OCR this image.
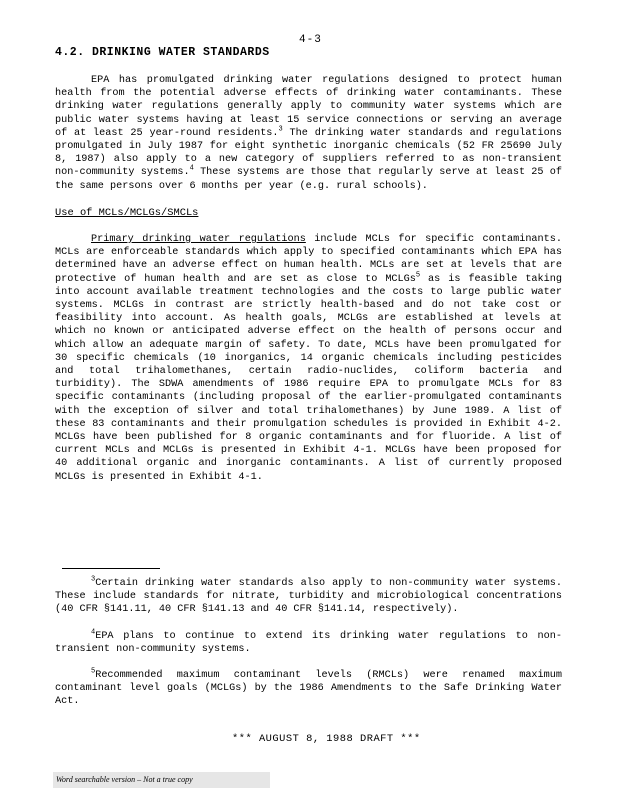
4-3
4.2. DRINKING WATER STANDARDS

EPA has promulgated drinking water regulations designed to protect human health from the potential adverse effects of drinking water contaminants. These drinking water regulations generally apply to community water systems which are public water systems having at least 15 service connections or serving an average of at least 25 year-round residents.$^3$ The drinking water standards and regulations promulgated in July 1987 for eight synthetic inorganic chemicals (52 FR 25690 July 8, 1987) also apply to a new category of suppliers referred to as non-transient non-community systems.$^4$ These systems are those that regularly serve at least 25 of the same persons over 6 months per year (e.g. rural schools).

Use of MCLs/MCLGs/SMCLs

Primary drinking water regulations include MCLs for specific contaminants. MCLs are enforceable standards which apply to specified contaminants which EPA has determined have an adverse effect on human health. MCLs are set at levels that are protective of human health and are set as close to MCLGs$^5$ as is feasible taking into account available treatment technologies and the costs to large public water systems. MCLGs in contrast are strictly health-based and do not take cost or feasibility into account. As health goals, MCLGs are established at levels at which no known or anticipated adverse effect on the health of persons occur and which allow an adequate margin of safety. To date, MCLs have been promulgated for 30 specific chemicals (10 inorganics, 14 organic chemicals including pesticides and total trihalomethanes, certain radio-nuclides, coliform bacteria and turbidity). The SDWA amendments of 1986 require EPA to promulgate MCLs for 83 specific contaminants (including proposal of the earlier-promulgated contaminants with the exception of silver and total trihalomethanes) by June 1989. A list of these 83 contaminants and their promulgation schedules is provided in Exhibit 4-2. MCLGs have been published for 8 organic contaminants and for fluoride. A list of current MCLs and MCLGs is presented in Exhibit 4-1. MCLGs have been proposed for 40 additional organic and inorganic contaminants. A list of currently proposed MCLGs is presented in Exhibit 4-1.

$^3$Certain drinking water standards also apply to non-community water systems. These include standards for nitrate, turbidity and microbiological concentrations (40 CFR §141.11, 40 CFR §141.13 and 40 CFR §141.14, respectively).

$^4$EPA plans to continue to extend its drinking water regulations to non-transient non-community systems.

$^5$Recommended maximum contaminant levels (RMCLs) were renamed maximum contaminant level goals (MCLGs) by the 1986 Amendments to the Safe Drinking Water Act.

*** AUGUST 8, 1988 DRAFT ***
Word searchable version – Not a true copy
